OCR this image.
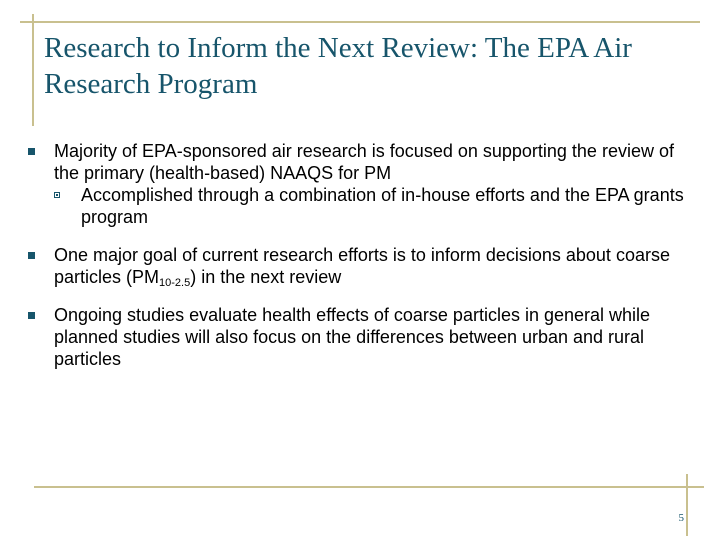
Research to Inform the Next Review: The EPA Air Research Program
Majority of EPA-sponsored air research is focused on supporting the review of the primary (health-based) NAAQS for PM
Accomplished through a combination of in-house efforts and the EPA grants program
One major goal of current research efforts is to inform decisions about coarse particles $(PM_{10-2.5})$ in the next review
Ongoing studies evaluate health effects of coarse particles in general while planned studies will also focus on the differences between urban and rural particles
5
